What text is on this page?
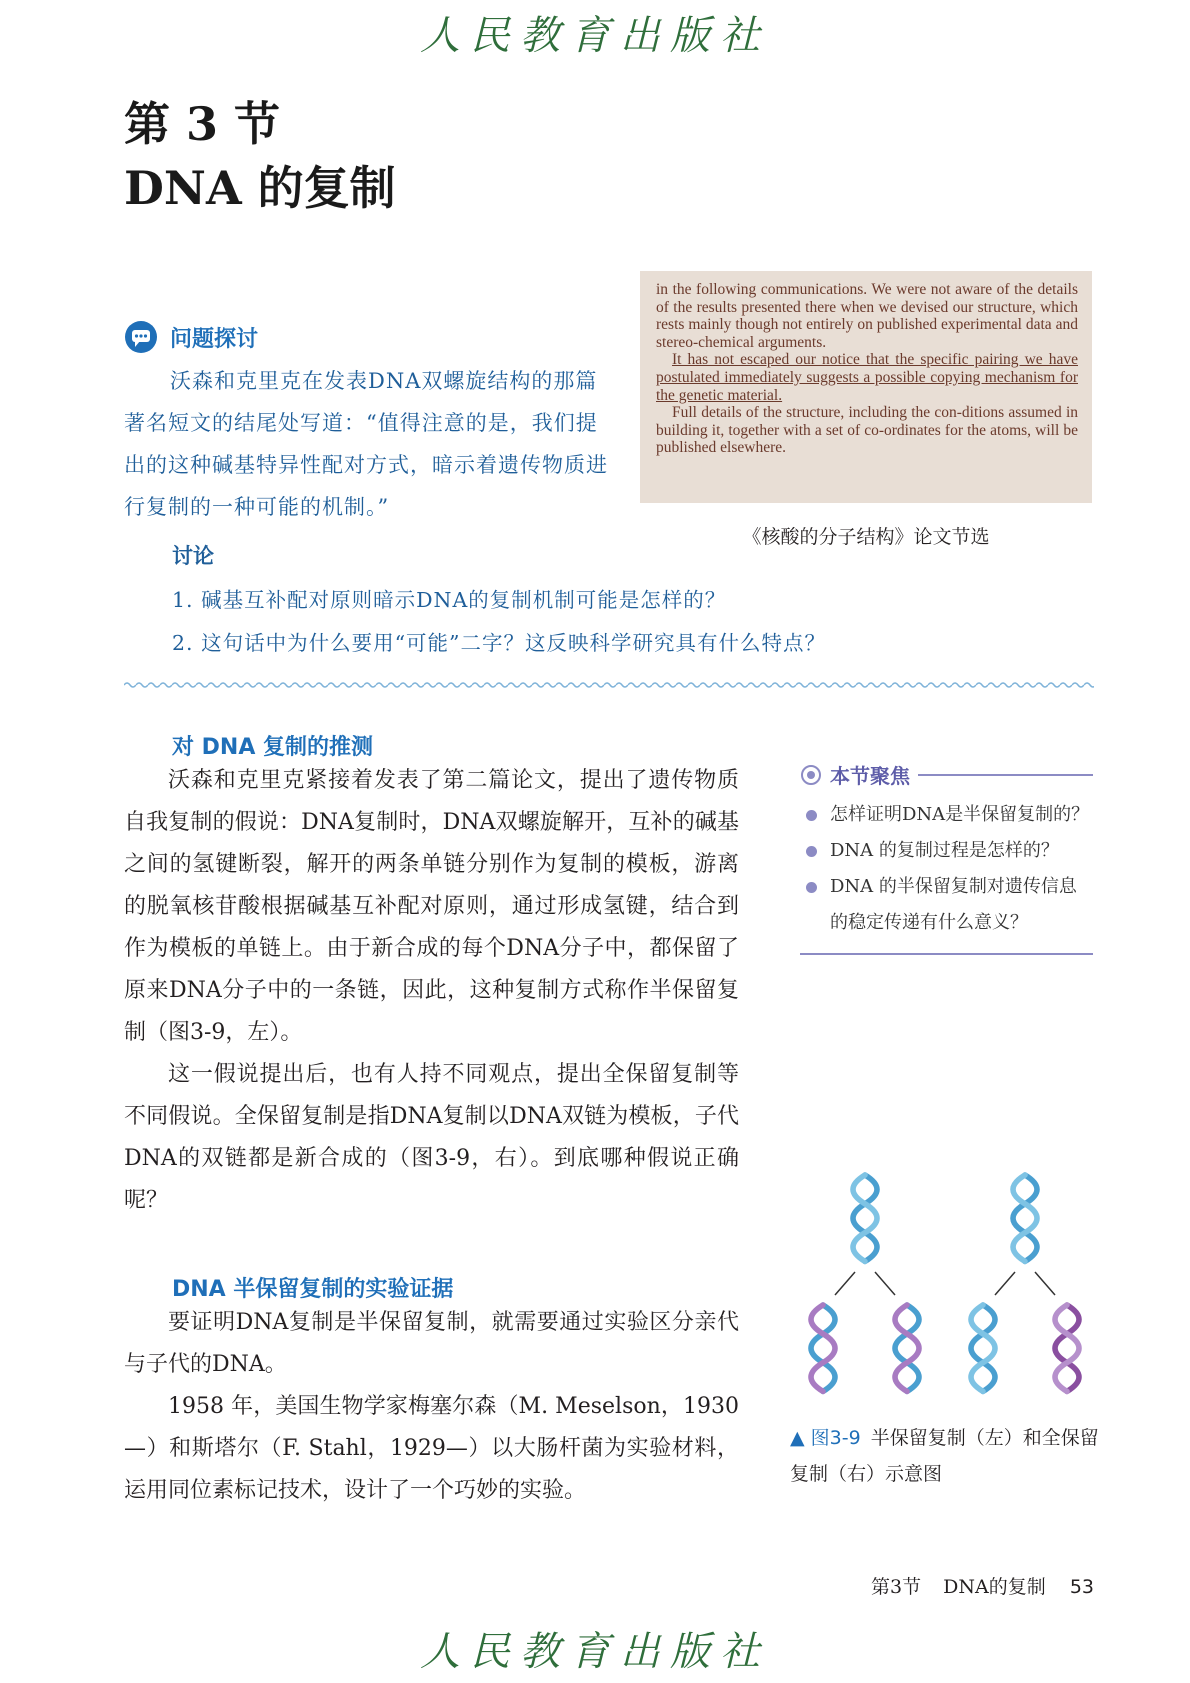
人民教育出版社
第 3 节
DNA 的复制
问题探讨
沃森和克里克在发表DNA双螺旋结构的那篇著名短文的结尾处写道：“值得注意的是，我们提出的这种碱基特异性配对方式，暗示着遗传物质进行复制的一种可能的机制。”

in the following communications. We were not aware of the details of the results presented there when we devised our structure, which rests mainly though not entirely on published experimental data and stereo-chemical arguments.

It has not escaped our notice that the specific pairing we have postulated immediately suggests a possible copying mechanism for the genetic material.

Full details of the structure, including the con-ditions assumed in building it, together with a set of co-ordinates for the atoms, will be published elsewhere.

《核酸的分子结构》论文节选
讨论
1. 碱基互补配对原则暗示DNA的复制机制可能是怎样的？
2. 这句话中为什么要用“可能”二字？这反映科学研究具有什么特点？
对 DNA 复制的推测

沃森和克里克紧接着发表了第二篇论文，提出了遗传物质自我复制的假说：DNA复制时，DNA双螺旋解开，互补的碱基之间的氢键断裂，解开的两条单链分别作为复制的模板，游离的脱氧核苷酸根据碱基互补配对原则，通过形成氢键，结合到作为模板的单链上。由于新合成的每个DNA分子中，都保留了原来DNA分子中的一条链，因此，这种复制方式称作半保留复制（图3-9，左）。

这一假说提出后，也有人持不同观点，提出全保留复制等不同假说。全保留复制是指DNA复制以DNA双链为模板，子代DNA的双链都是新合成的（图3-9，右）。到底哪种假说正确呢？

DNA 半保留复制的实验证据

要证明DNA复制是半保留复制，就需要通过实验区分亲代与子代的DNA。

1958 年，美国生物学家梅塞尔森（M. Meselson，1930—）和斯塔尔（F. Stahl，1929—）以大肠杆菌为实验材料，运用同位素标记技术，设计了一个巧妙的实验。

本节聚焦
怎样证明DNA是半保留复制的？
DNA 的复制过程是怎样的？
DNA 的半保留复制对遗传信息的稳定传递有什么意义？
▲ 图3-9 半保留复制（左）和全保留复制（右）示意图
第3节 DNA的复制 53
人民教育出版社
